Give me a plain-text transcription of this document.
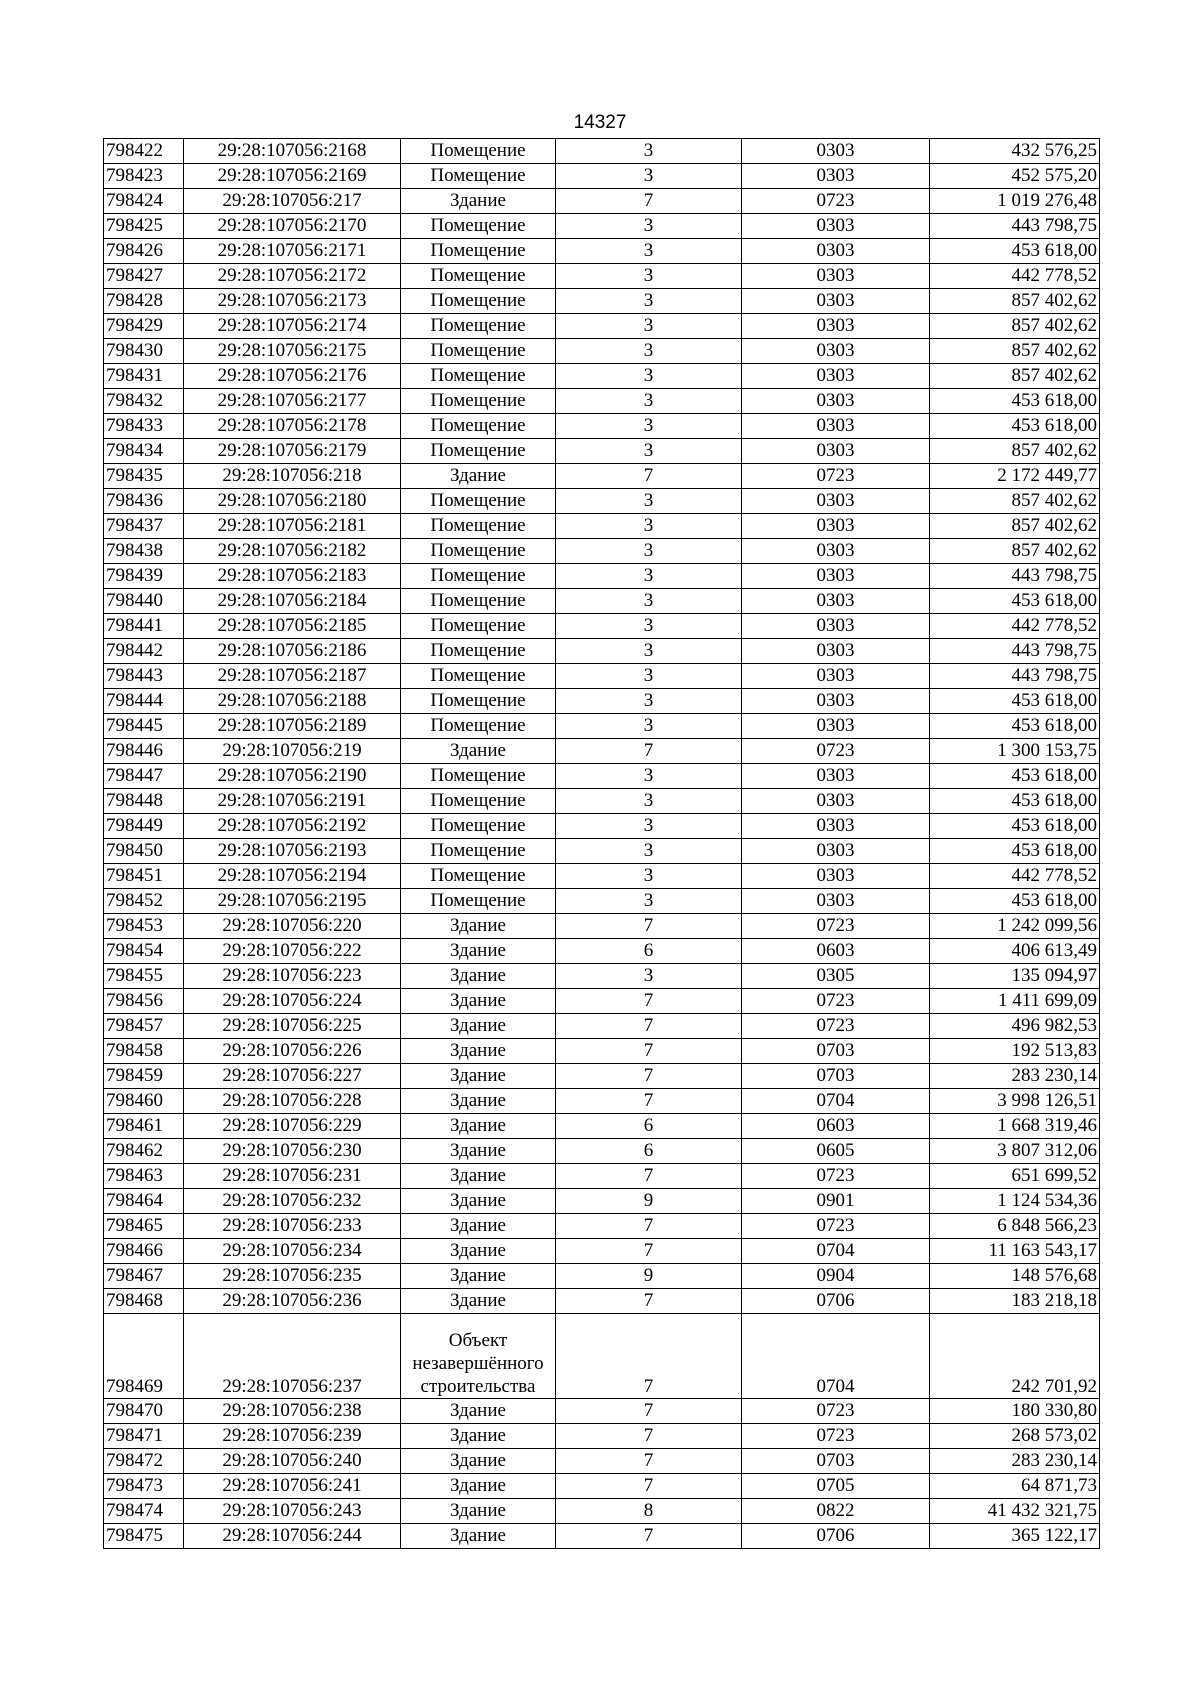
14327
798422	29:28:107056:2168	Помещение	3	0303	432 576,25
798423	29:28:107056:2169	Помещение	3	0303	452 575,20
798424	29:28:107056:217	Здание	7	0723	1 019 276,48
798425	29:28:107056:2170	Помещение	3	0303	443 798,75
798426	29:28:107056:2171	Помещение	3	0303	453 618,00
798427	29:28:107056:2172	Помещение	3	0303	442 778,52
798428	29:28:107056:2173	Помещение	3	0303	857 402,62
798429	29:28:107056:2174	Помещение	3	0303	857 402,62
798430	29:28:107056:2175	Помещение	3	0303	857 402,62
798431	29:28:107056:2176	Помещение	3	0303	857 402,62
798432	29:28:107056:2177	Помещение	3	0303	453 618,00
798433	29:28:107056:2178	Помещение	3	0303	453 618,00
798434	29:28:107056:2179	Помещение	3	0303	857 402,62
798435	29:28:107056:218	Здание	7	0723	2 172 449,77
798436	29:28:107056:2180	Помещение	3	0303	857 402,62
798437	29:28:107056:2181	Помещение	3	0303	857 402,62
798438	29:28:107056:2182	Помещение	3	0303	857 402,62
798439	29:28:107056:2183	Помещение	3	0303	443 798,75
798440	29:28:107056:2184	Помещение	3	0303	453 618,00
798441	29:28:107056:2185	Помещение	3	0303	442 778,52
798442	29:28:107056:2186	Помещение	3	0303	443 798,75
798443	29:28:107056:2187	Помещение	3	0303	443 798,75
798444	29:28:107056:2188	Помещение	3	0303	453 618,00
798445	29:28:107056:2189	Помещение	3	0303	453 618,00
798446	29:28:107056:219	Здание	7	0723	1 300 153,75
798447	29:28:107056:2190	Помещение	3	0303	453 618,00
798448	29:28:107056:2191	Помещение	3	0303	453 618,00
798449	29:28:107056:2192	Помещение	3	0303	453 618,00
798450	29:28:107056:2193	Помещение	3	0303	453 618,00
798451	29:28:107056:2194	Помещение	3	0303	442 778,52
798452	29:28:107056:2195	Помещение	3	0303	453 618,00
798453	29:28:107056:220	Здание	7	0723	1 242 099,56
798454	29:28:107056:222	Здание	6	0603	406 613,49
798455	29:28:107056:223	Здание	3	0305	135 094,97
798456	29:28:107056:224	Здание	7	0723	1 411 699,09
798457	29:28:107056:225	Здание	7	0723	496 982,53
798458	29:28:107056:226	Здание	7	0703	192 513,83
798459	29:28:107056:227	Здание	7	0703	283 230,14
798460	29:28:107056:228	Здание	7	0704	3 998 126,51
798461	29:28:107056:229	Здание	6	0603	1 668 319,46
798462	29:28:107056:230	Здание	6	0605	3 807 312,06
798463	29:28:107056:231	Здание	7	0723	651 699,52
798464	29:28:107056:232	Здание	9	0901	1 124 534,36
798465	29:28:107056:233	Здание	7	0723	6 848 566,23
798466	29:28:107056:234	Здание	7	0704	11 163 543,17
798467	29:28:107056:235	Здание	9	0904	148 576,68
798468	29:28:107056:236	Здание	7	0706	183 218,18
798469	29:28:107056:237	Объект незавершённого строительства	7	0704	242 701,92
798470	29:28:107056:238	Здание	7	0723	180 330,80
798471	29:28:107056:239	Здание	7	0723	268 573,02
798472	29:28:107056:240	Здание	7	0703	283 230,14
798473	29:28:107056:241	Здание	7	0705	64 871,73
798474	29:28:107056:243	Здание	8	0822	41 432 321,75
798475	29:28:107056:244	Здание	7	0706	365 122,17
